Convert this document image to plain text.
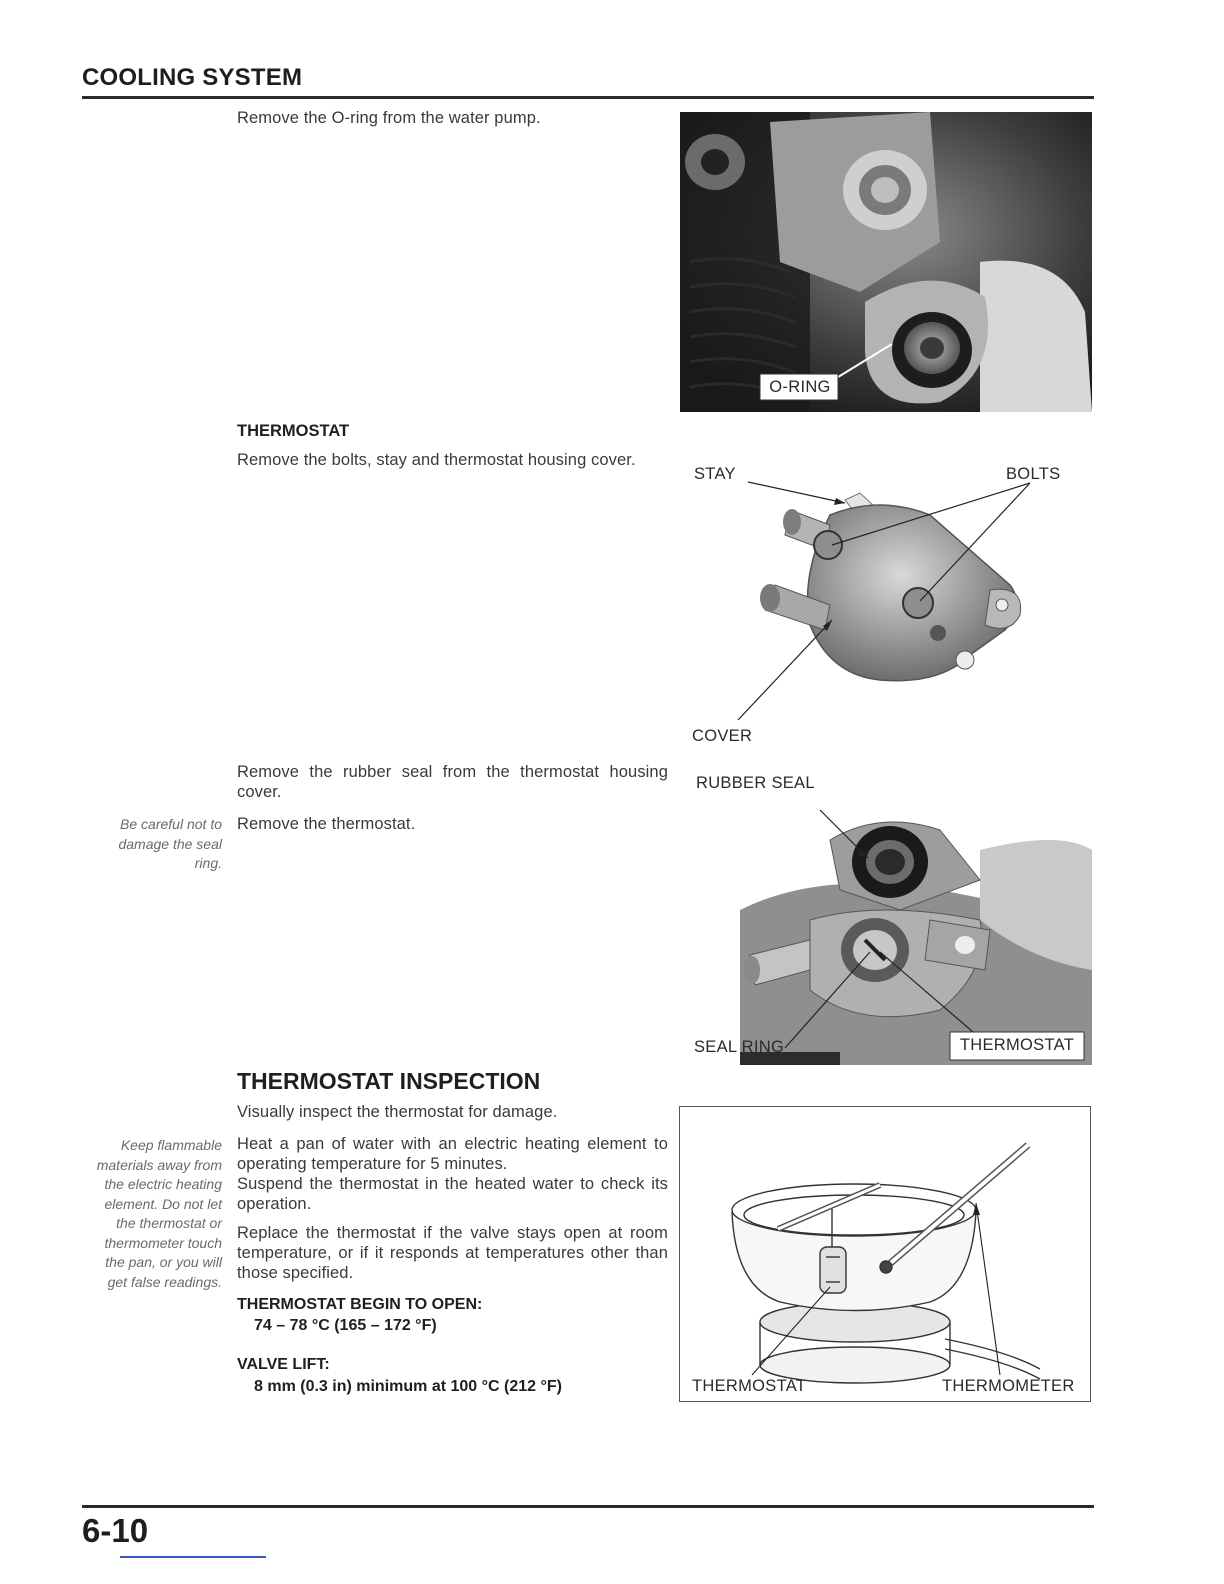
COOLING SYSTEM
Remove the O-ring from the water pump.
O-RING
THERMOSTAT
Remove the bolts, stay and thermostat housing cover.
STAY	BOLTS
COVER
Remove the rubber seal from the thermostat housing cover.
Remove the thermostat.
Be careful not to damage the seal ring.
RUBBER SEAL
SEAL RING	THERMOSTAT
THERMOSTAT INSPECTION
Visually inspect the thermostat for damage.
Heat a pan of water with an electric heating element to operating temperature for 5 minutes.
Suspend the thermostat in the heated water to check its operation.
Replace the thermostat if the valve stays open at room temperature, or if it responds at temperatures other than those specified.
Keep flammable materials away from the electric heating element. Do not let the thermostat or thermometer touch the pan, or you will get false readings.
THERMOSTAT BEGIN TO OPEN:
74 – 78 °C (165 – 172 °F)
VALVE LIFT:
8 mm (0.3 in) minimum at 100 °C (212 °F)	THERMOSTAT	THERMOMETER
6-10
